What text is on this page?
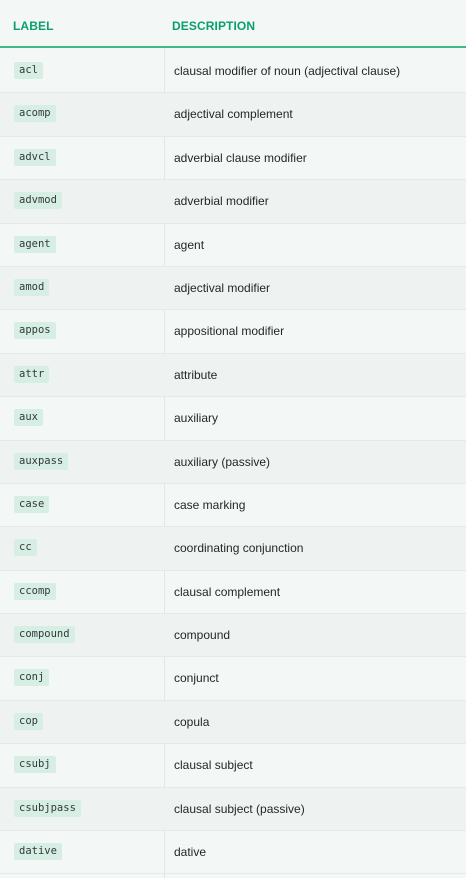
LABEL	DESCRIPTION
acl	clausal modifier of noun (adjectival clause)
acomp	adjectival complement
advcl	adverbial clause modifier
advmod	adverbial modifier
agent	agent
amod	adjectival modifier
appos	appositional modifier
attr	attribute
aux	auxiliary
auxpass	auxiliary (passive)
case	case marking
cc	coordinating conjunction
ccomp	clausal complement
compound	compound
conj	conjunct
cop	copula
csubj	clausal subject
csubjpass	clausal subject (passive)
dative	dative
